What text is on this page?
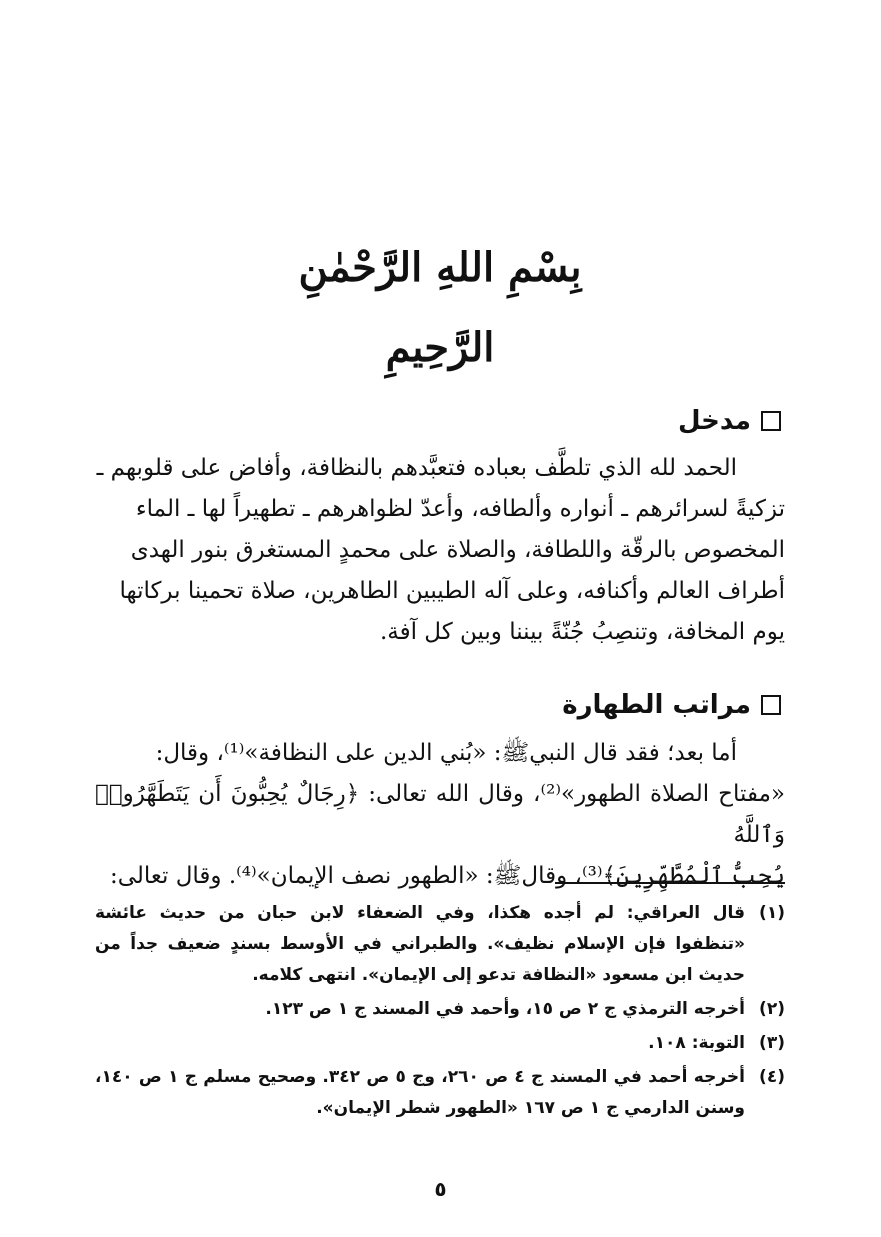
بِسْمِ اللهِ الرَّحْمٰنِ الرَّحِيمِ
مدخل

الحمد لله الذي تلطَّف بعباده فتعبَّدهم بالنظافة، وأفاض على قلوبهم ـ

تزكيةً لسرائرهم ـ أنواره وألطافه، وأعدّ لظواهرهم ـ تطهيراً لها ـ الماء

المخصوص بالرقّة واللطافة، والصلاة على محمدٍ المستغرق بنور الهدى

أطراف العالم وأكنافه، وعلى آله الطيبين الطاهرين، صلاة تحمينا بركاتها

يوم المخافة، وتنصِبُ جُنّةً بيننا وبين كل آفة.

مراتب الطهارة

أما بعد؛ فقد قال النبيﷺ: «بُني الدين على النظافة»⁽¹⁾، وقال:

«مفتاح الصلاة الطهور»⁽²⁾، وقال الله تعالى: ﴿رِجَالٌ يُحِبُّونَ أَن يَتَطَهَّرُوا۟ وَٱللَّهُ

يُحِبُّ ٱلْمُطَّهِّرِينَ﴾⁽³⁾، وقالﷺ: «الطهور نصف الإيمان»⁽⁴⁾. وقال تعالى:

(١)
قال العراقي: لم أجده هكذا، وفي الضعفاء لابن حبان من حديث عائشة «تنظفوا فإن الإسلام نظيف». والطبراني في الأوسط بسندٍ ضعيف جداً من حديث ابن مسعود «النظافة تدعو إلى الإيمان». انتهى كلامه.
(٢)
أخرجه الترمذي ج ٢ ص ١٥، وأحمد في المسند ج ١ ص ١٢٣.
(٣)
التوبة: ١٠٨.
(٤)
أخرجه أحمد في المسند ج ٤ ص ٢٦٠، وج ٥ ص ٣٤٢. وصحيح مسلم ج ١ ص ١٤٠، وسنن الدارمي ج ١ ص ١٦٧ «الطهور شطر الإيمان».
٥
